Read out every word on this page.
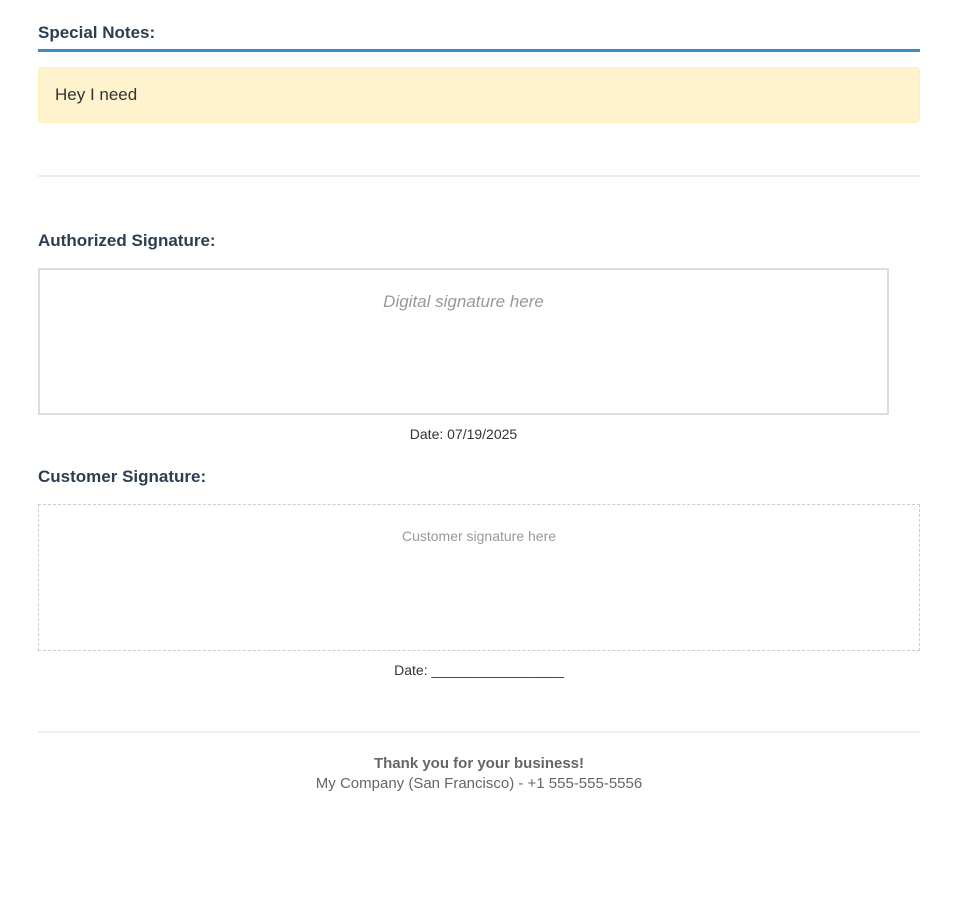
Special Notes:
Hey I need
Authorized Signature:
Digital signature here
Date: 07/19/2025
Customer Signature:
Customer signature here
Date: _________________
Thank you for your business!
My Company (San Francisco) - +1 555-555-5556
